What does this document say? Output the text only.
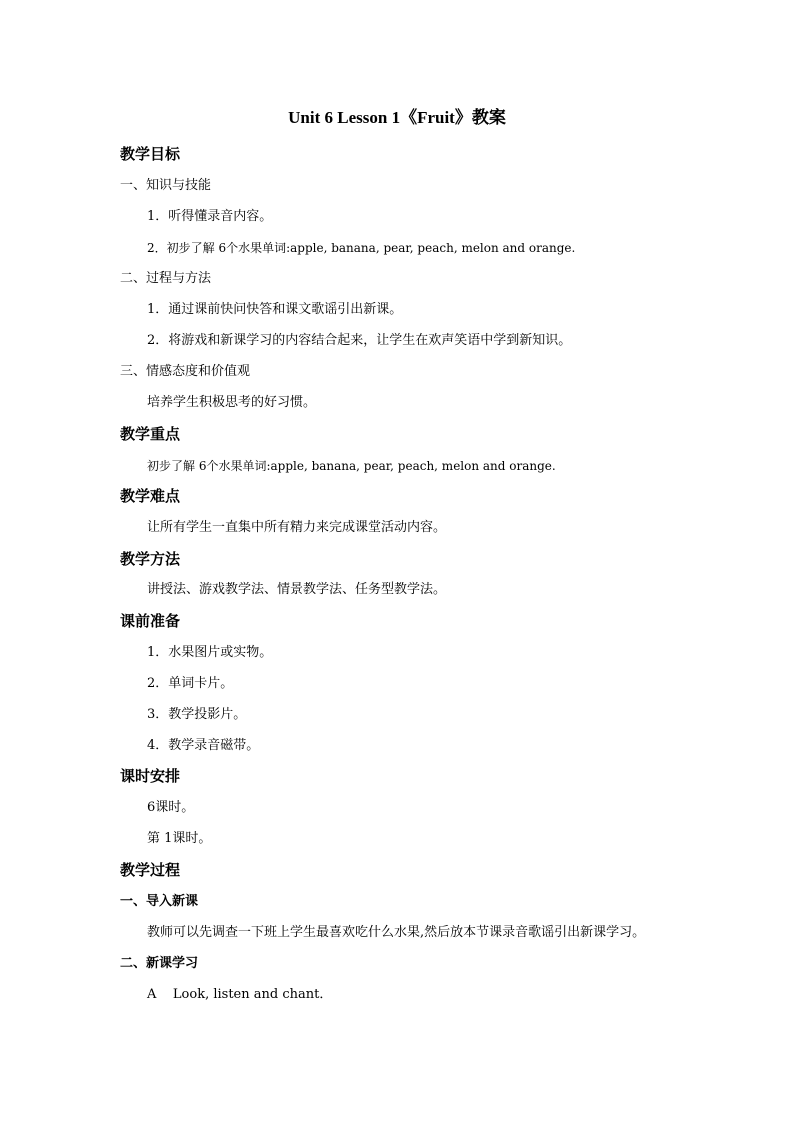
Unit 6 Lesson 1《Fruit》教案
教学目标
一、知识与技能
1．听得懂录音内容。
2．初步了解 6个水果单词:apple, banana, pear, peach, melon and orange.
二、过程与方法
1．通过课前快问快答和课文歌谣引出新课。
2．将游戏和新课学习的内容结合起来，让学生在欢声笑语中学到新知识。
三、情感态度和价值观
培养学生积极思考的好习惯。
教学重点
初步了解 6个水果单词:apple, banana, pear, peach, melon and orange.
教学难点
让所有学生一直集中所有精力来完成课堂活动内容。
教学方法
讲授法、游戏教学法、情景教学法、任务型教学法。
课前准备
1．水果图片或实物。
2．单词卡片。
3．教学投影片。
4．教学录音磁带。
课时安排
6课时。
第 1课时。
教学过程
一、导入新课
教师可以先调查一下班上学生最喜欢吃什么水果,然后放本节课录音歌谣引出新课学习。
二、新课学习
A    Look, listen and chant．
